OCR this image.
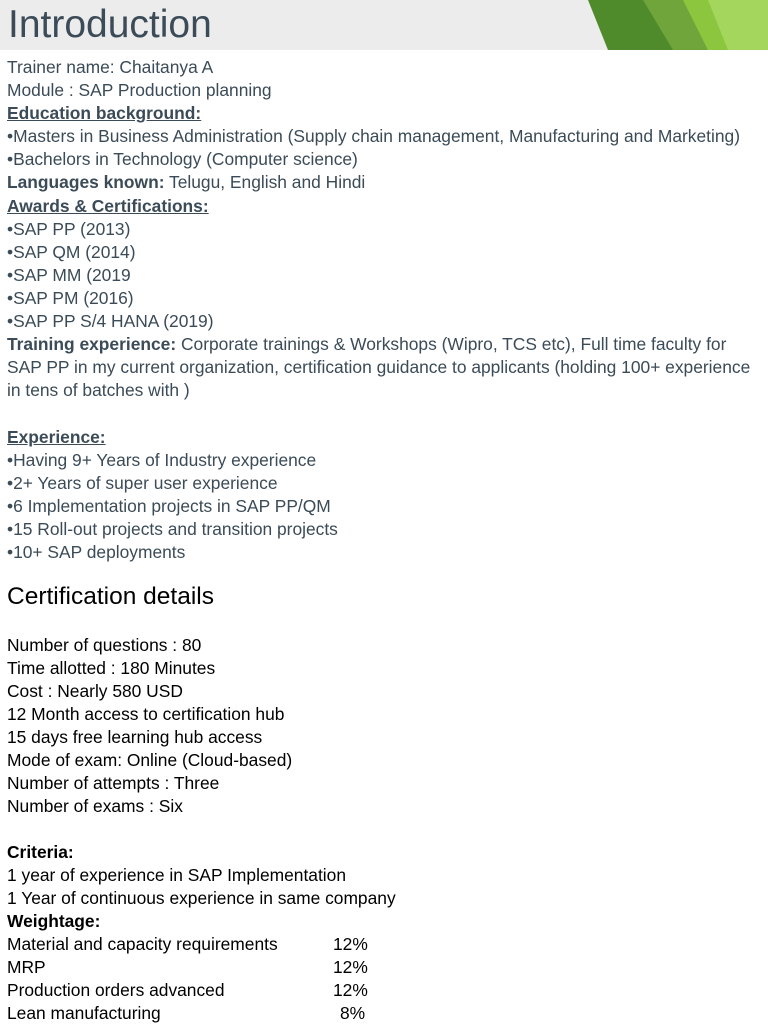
Introduction

Trainer name: Chaitanya A

Module : SAP Production planning

Education background:

•Masters in Business Administration (Supply chain management, Manufacturing and Marketing)

•Bachelors in Technology (Computer science)

Languages known: Telugu, English and Hindi

Awards & Certifications:

•SAP PP (2013)

•SAP QM (2014)

•SAP MM (2019

•SAP PM (2016)

•SAP PP S/4 HANA (2019)

Training experience: Corporate trainings & Workshops (Wipro, TCS etc), Full time faculty for SAP PP in my current organization, certification guidance to applicants (holding 100+ experience in tens of batches with )

Experience:

•Having 9+ Years of Industry experience

•2+ Years of super user experience

•6 Implementation projects in SAP PP/QM

•15 Roll-out projects and transition projects

•10+ SAP deployments

Certification details

Number of questions : 80

Time allotted : 180 Minutes

Cost : Nearly 580 USD

12 Month access to certification hub

15 days free learning hub access

Mode of exam: Online (Cloud-based)

Number of attempts : Three

Number of exams : Six

Criteria:

1 year of experience in SAP Implementation

1 Year of continuous experience in same company

Weightage:

Material and capacity requirements	12%
MRP	12%
Production orders advanced	12%
Lean manufacturing	8%
